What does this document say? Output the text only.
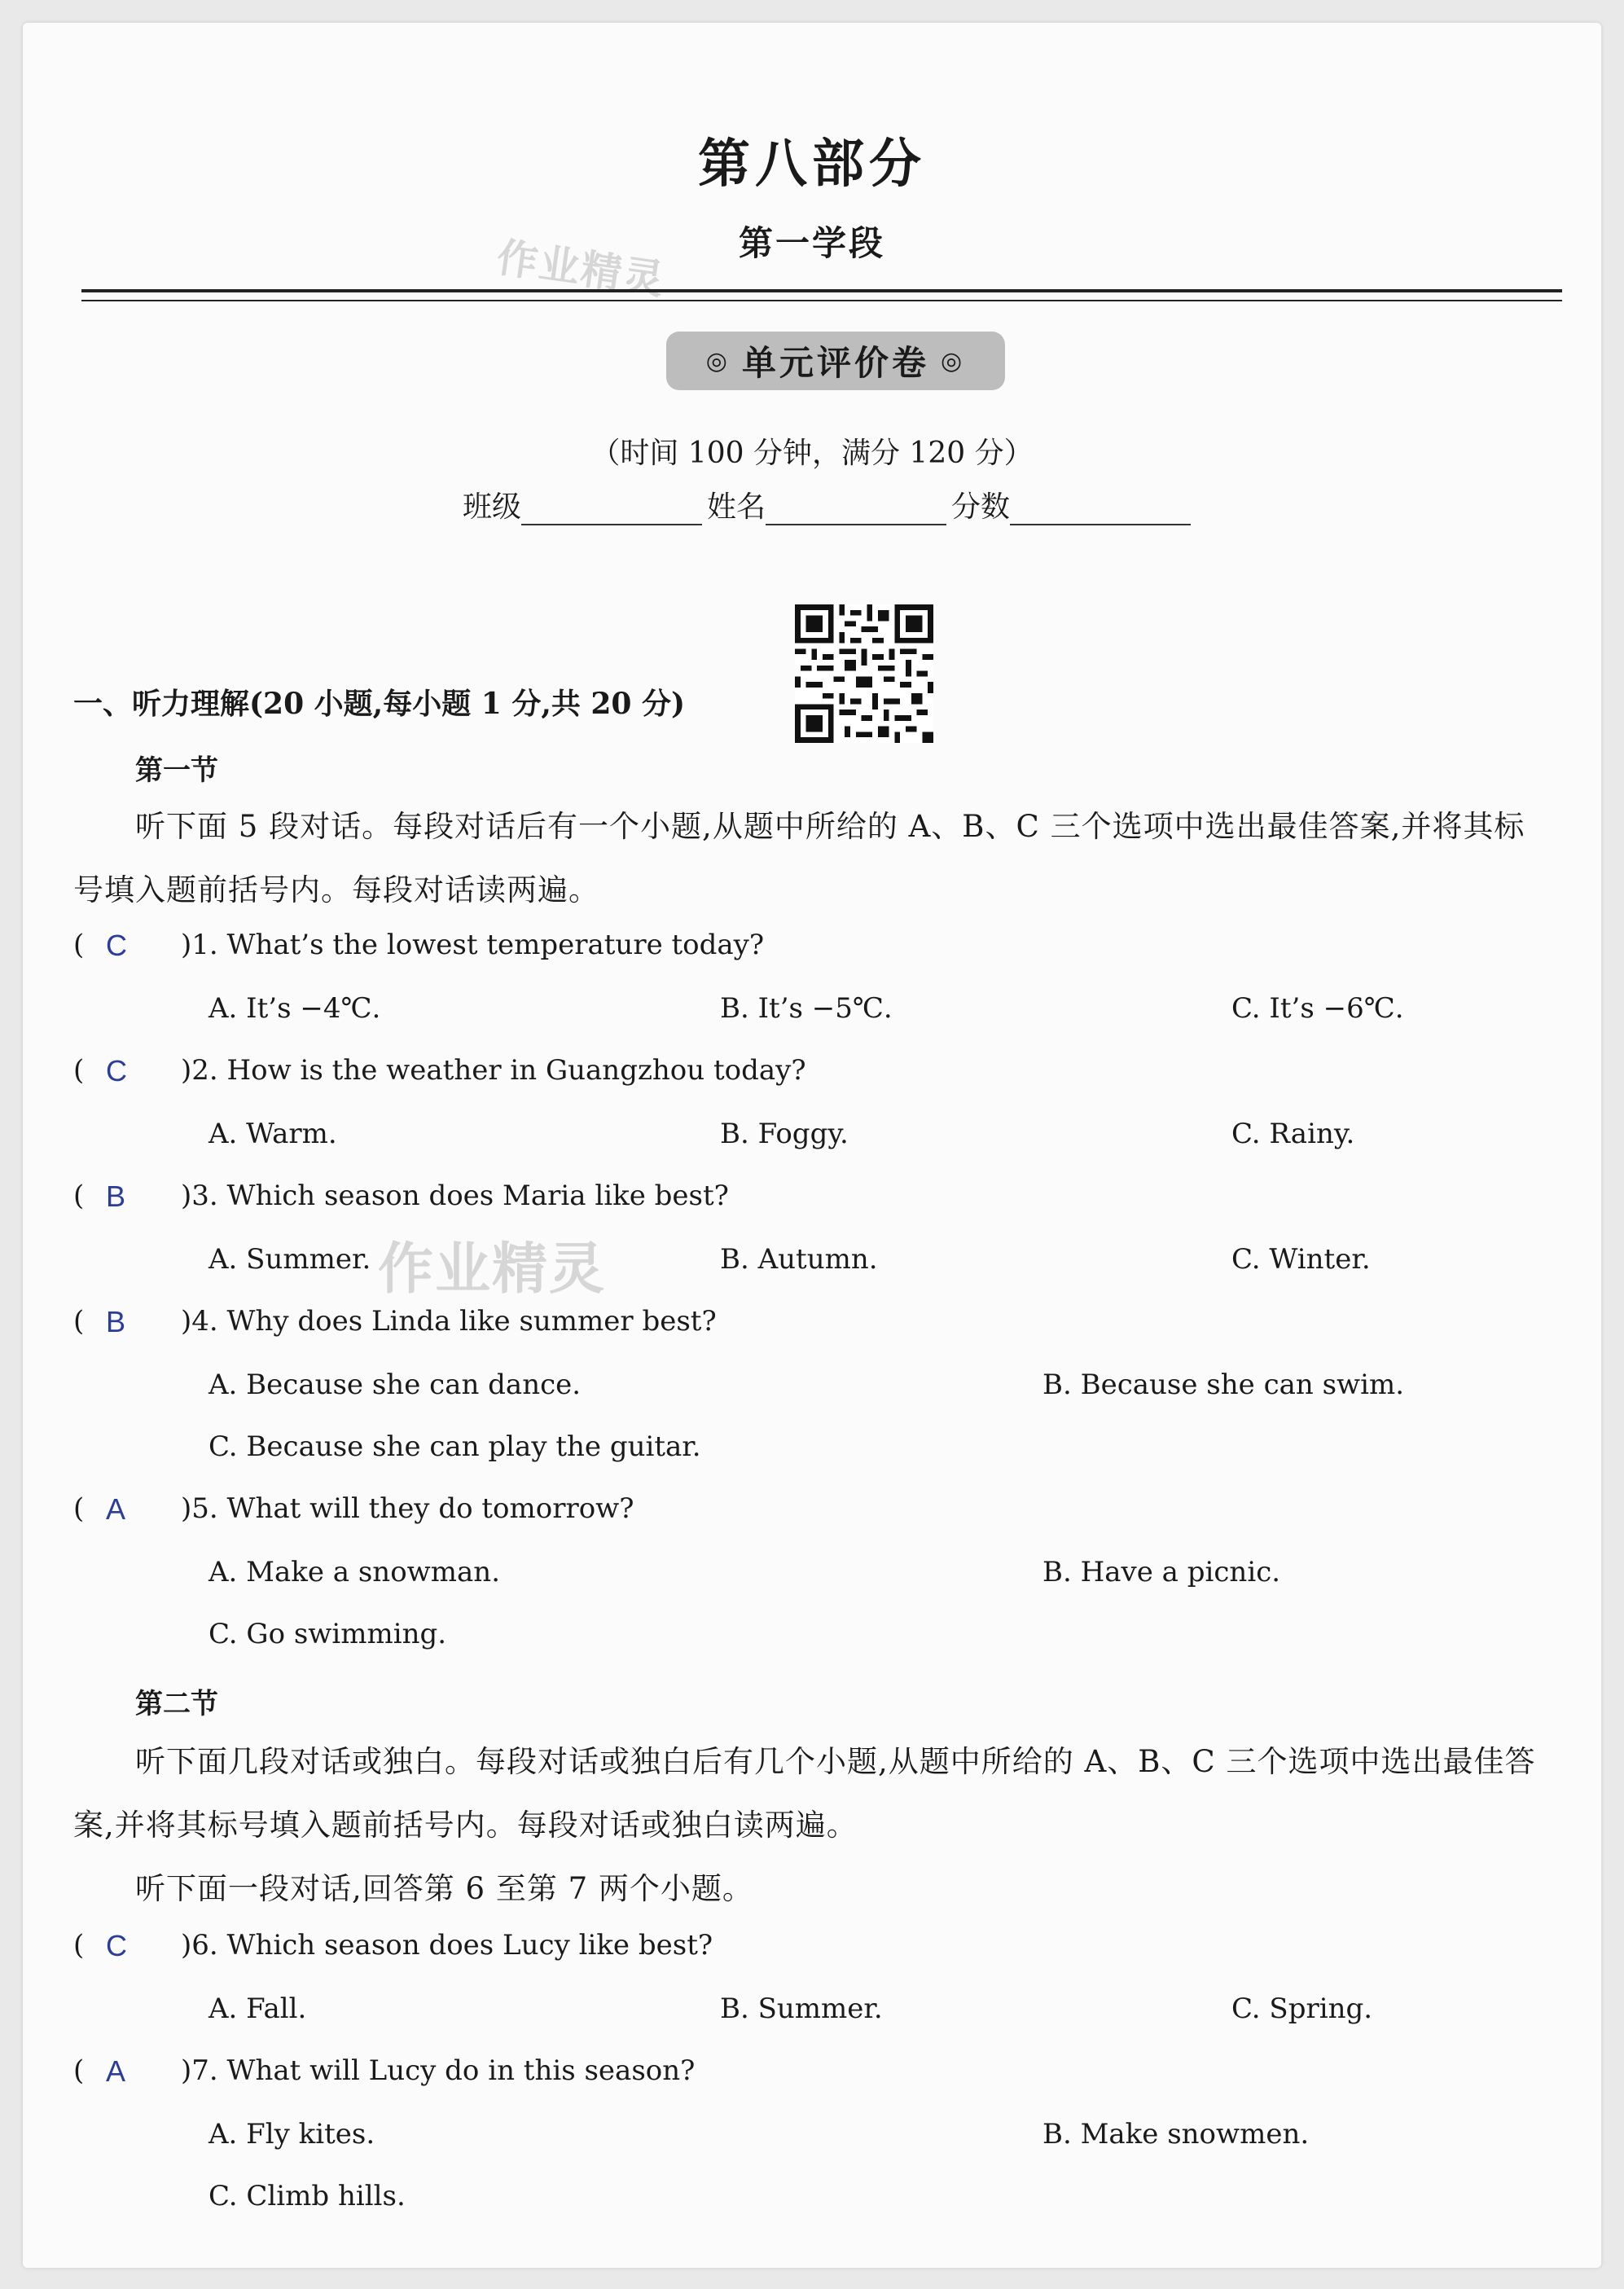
第八部分
第一学段
作业精灵
◎ 单元评价卷 ◎
（时间 100 分钟，满分 120 分）
班级	姓名	分数
一、听力理解(20 小题,每小题 1 分,共 20 分)
第一节
听下面 5 段对话。每段对话后有一个小题,从题中所给的 A、B、C 三个选项中选出最佳答案,并将其标
号填入题前括号内。每段对话读两遍。
(	)1. What’s the lowest temperature today?
C
A. It’s −4℃.	B. It’s −5℃.	C. It’s −6℃.
(	)2. How is the weather in Guangzhou today?
C
A. Warm.	B. Foggy.	C. Rainy.
(	)3. Which season does Maria like best?
B
A. Summer.	B. Autumn.	C. Winter.
作业精灵
(	)4. Why does Linda like summer best?
B
A. Because she can dance.	B. Because she can swim.
C. Because she can play the guitar.
(	)5. What will they do tomorrow?
A
A. Make a snowman.	B. Have a picnic.
C. Go swimming.
第二节
听下面几段对话或独白。每段对话或独白后有几个小题,从题中所给的 A、B、C 三个选项中选出最佳答
案,并将其标号填入题前括号内。每段对话或独白读两遍。
听下面一段对话,回答第 6 至第 7 两个小题。
(	)6. Which season does Lucy like best?
C
A. Fall.	B. Summer.	C. Spring.
(	)7. What will Lucy do in this season?
A
A. Fly kites.	B. Make snowmen.
C. Climb hills.
